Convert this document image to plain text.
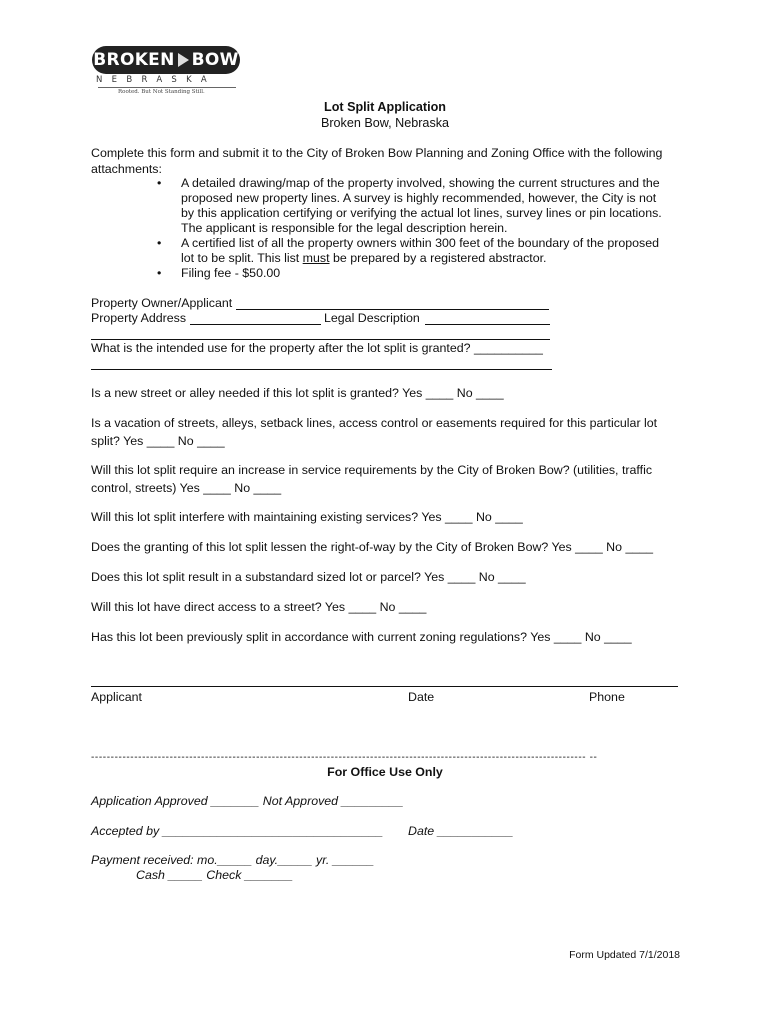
BROKEN BOW
NEBRASKA
Rooted. But Not Standing Still.
Lot Split Application
Broken Bow, Nebraska
Complete this form and submit it to the City of Broken Bow Planning and Zoning Office with the following attachments:
• A detailed drawing/map of the property involved, showing the current structures and the proposed new property lines. A survey is highly recommended, however, the City is not by this application certifying or verifying the actual lot lines, survey lines or pin locations. The applicant is responsible for the legal description herein.
• A certified list of all the property owners within 300 feet of the boundary of the proposed lot to be split. This list must be prepared by a registered abstractor.
• Filing fee - $50.00
Property Owner/Applicant
Property Address	Legal Description
What is the intended use for the property after the lot split is granted? __________
Is a new street or alley needed if this lot split is granted? Yes ____ No ____
Is a vacation of streets, alleys, setback lines, access control or easements required for this particular lot
split? Yes ____ No ____
Will this lot split require an increase in service requirements by the City of Broken Bow? (utilities, traffic
control, streets) Yes ____ No ____
Will this lot split interfere with maintaining existing services? Yes ____ No ____
Does the granting of this lot split lessen the right-of-way by the City of Broken Bow? Yes ____ No ____
Does this lot split result in a substandard sized lot or parcel? Yes ____ No ____
Will this lot have direct access to a street? Yes ____ No ____
Has this lot been previously split in accordance with current zoning regulations? Yes ____ No ____
Applicant	Date	Phone
------------------------------------------------------------------------------------------------------------------------------ --
For Office Use Only
Application Approved _______ Not Approved _________
Accepted by ________________________________ Date ___________
Payment received: mo._____ day._____ yr. ______
Cash _____ Check _______
Form Updated 7/1/2018
